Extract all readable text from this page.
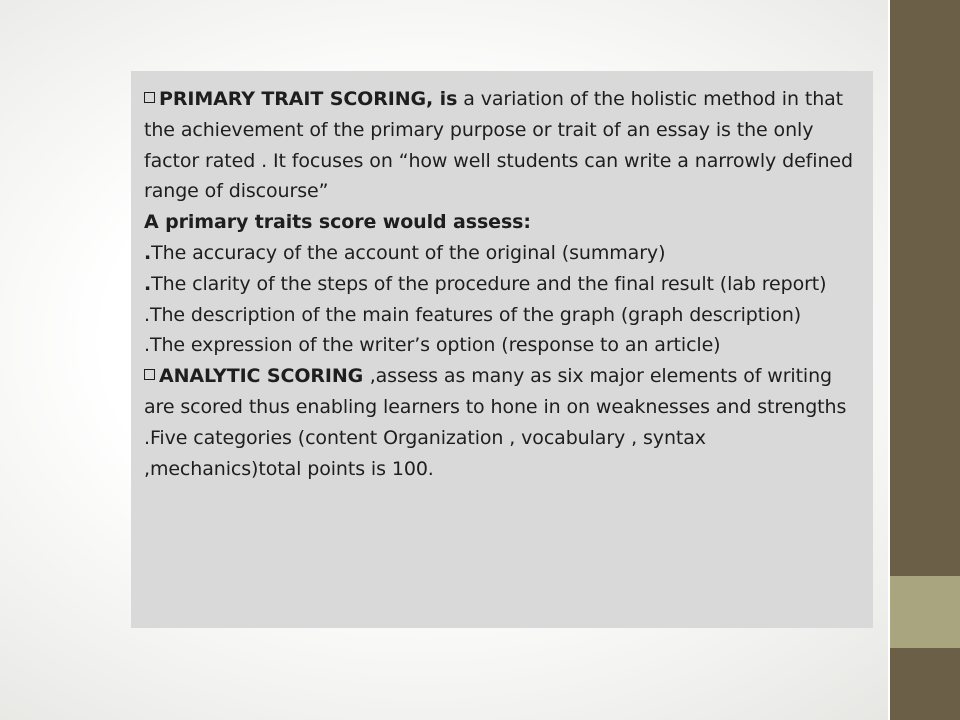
PRIMARY TRAIT SCORING, is a variation of the holistic method in that the achievement of the primary purpose or trait of an essay is the only factor rated . It focuses on “how well students can write a narrowly defined range of discourse”

A primary traits score would assess:

.The accuracy of the account of the original (summary)

.The clarity of the steps of the procedure and the final result (lab report)

.The description of the main features of the graph (graph description)

.The expression of the writer’s option (response to an article)

ANALYTIC SCORING ,assess as many as six major elements of writing are scored thus enabling learners to hone in on weaknesses and strengths

.Five categories (content Organization , vocabulary , syntax ,mechanics)total points is 100.
